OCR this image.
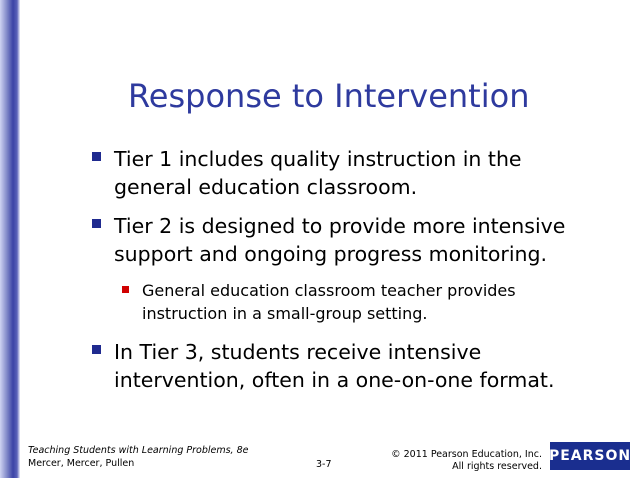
Response to Intervention
Tier 1 includes quality instruction in the
general education classroom.
Tier 2 is designed to provide more intensive
support and ongoing progress monitoring.
General education classroom teacher provides
instruction in a small-group setting.
In Tier 3, students receive intensive
intervention, often in a one-on-one format.
Teaching Students with Learning Problems, 8e
Mercer, Mercer, Pullen	3-7
© 2011 Pearson Education, Inc.
All rights reserved.
PEARSON
